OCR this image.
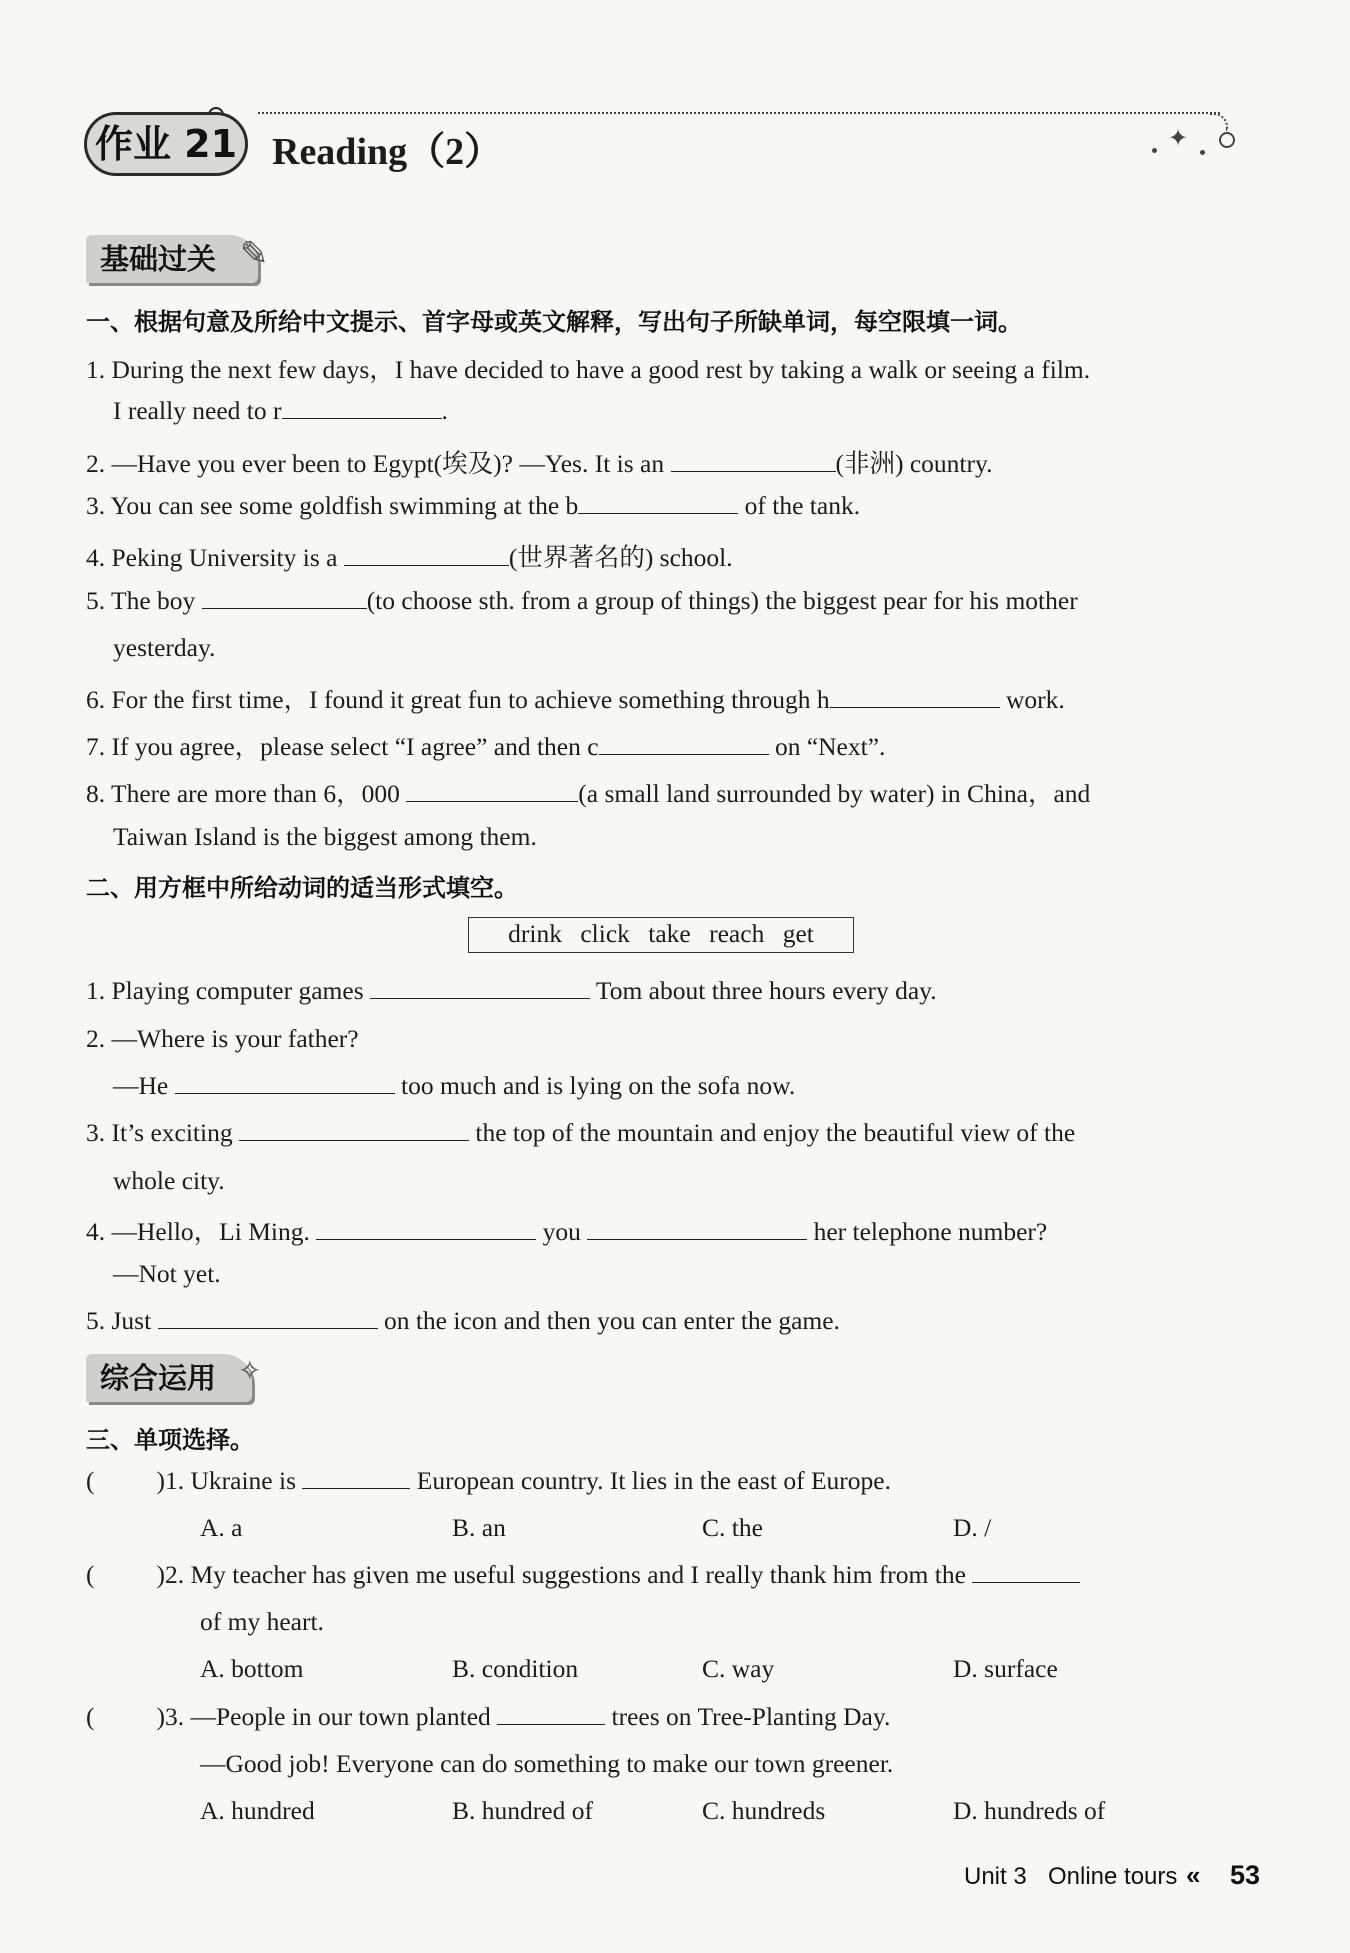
作业 21 Reading（2）	✦
基础过关 ✎
一、根据句意及所给中文提示、首字母或英文解释，写出句子所缺单词，每空限填一词。
1. During the next few days，I have decided to have a good rest by taking a walk or seeing a film.
I really need to r	.
2. —Have you ever been to Egypt(埃及)? —Yes. It is an	(非洲) country.
3. You can see some goldfish swimming at the b	of the tank.
4. Peking University is a	(世界著名的) school.
5. The boy	(to choose sth. from a group of things) the biggest pear for his mother
yesterday.
6. For the first time，I found it great fun to achieve something through h	work.
7. If you agree，please select “I agree” and then c	on “Next”.
8. There are more than 6，000	(a small land surrounded by water) in China，and
Taiwan Island is the biggest among them.
二、用方框中所给动词的适当形式填空。
drink click take reach get
1. Playing computer games	Tom about three hours every day.
2. —Where is your father?
—He	too much and is lying on the sofa now.
3. It’s exciting	the top of the mountain and enjoy the beautiful view of the
whole city.
4. —Hello，Li Ming.	you	her telephone number?
—Not yet.
5. Just	on the icon and then you can enter the game.
综合运用 ✧
三、单项选择。
( )1. Ukraine is	European country. It lies in the east of Europe.
A. a	B. an	C. the	D. /
( )2. My teacher has given me useful suggestions and I really thank him from the
of my heart.
A. bottom	B. condition	C. way	D. surface
( )3. —People in our town planted	trees on Tree-Planting Day.
—Good job! Everyone can do something to make our town greener.
A. hundred	B. hundred of	C. hundreds	D. hundreds of
Unit 3 Online tours « 53
